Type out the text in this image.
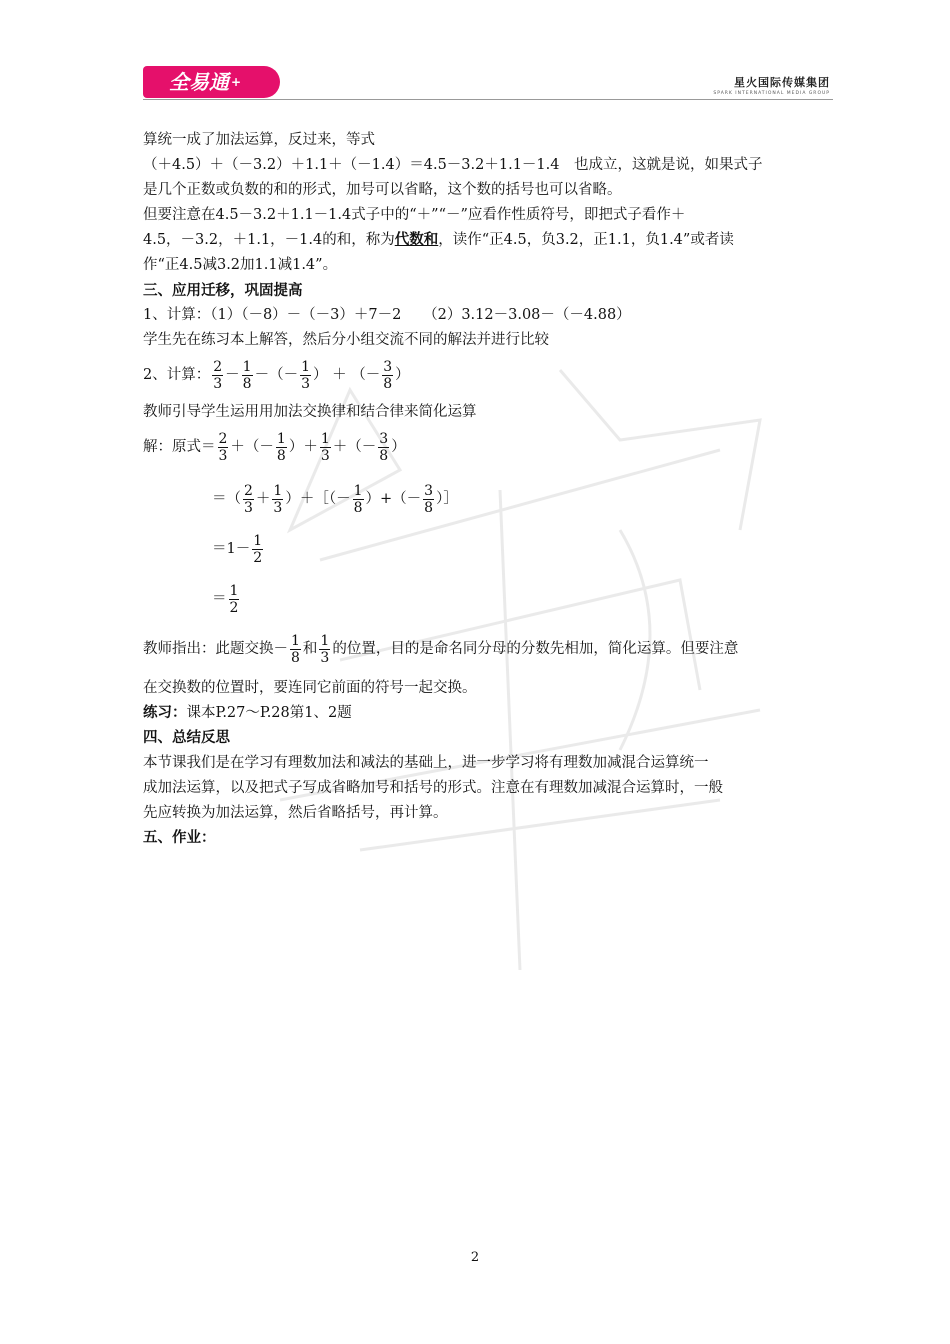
全易通 +	星火国际传媒集团
SPARK INTERNATIONAL MEDIA GROUP
算统一成了加法运算，反过来，等式
（＋4.5）＋（－3.2）＋1.1＋（－1.4）＝4.5－3.2＋1.1－1.4　也成立，这就是说，如果式子
是几个正数或负数的和的形式，加号可以省略，这个数的括号也可以省略。
但要注意在4.5－3.2＋1.1－1.4式子中的“＋”“－”应看作性质符号，即把式子看作＋
4.5，－3.2，＋1.1，－1.4的和，称为代数和，读作“正4.5，负3.2，正1.1，负1.4”或者读
作“正4.5减3.2加1.1减1.4”。
三、应用迁移，巩固提高
1、计算：（1）（－8）－（－3）＋7－2　　（2）3.12－3.08－（－4.88）
学生先在练习本上解答，然后分小组交流不同的解法并进行比较
2、计算： $\frac{2}{3} - \frac{1}{8}$ －（－ $\frac{1}{3}$ ） ＋ （－ $\frac{3}{8}$ ）
教师引导学生运用用加法交换律和结合律来简化运算
解：原式＝ $\frac{2}{3}$ ＋（－ $\frac{1}{8}$ ）＋ $\frac{1}{3}$ ＋（－ $\frac{3}{8}$ ）
＝（ $\frac{2}{3} + \frac{1}{3}$ ）＋［（－ $\frac{1}{8}$ ）+（－ $\frac{3}{8}$ ）］
$=1- \frac{1}{2}$
＝ $\frac{1}{2}$
教师指出：此题交换－ $\frac{1}{8}$ 和 $\frac{1}{3}$ 的位置，目的是命名同分母的分数先相加，简化运算。但要注意
在交换数的位置时，要连同它前面的符号一起交换。
练习：课本P.27～P.28第1、2题
四、总结反思
本节课我们是在学习有理数加法和减法的基础上，进一步学习将有理数加减混合运算统一
成加法运算，以及把式子写成省略加号和括号的形式。注意在有理数加减混合运算时，一般
先应转换为加法运算，然后省略括号，再计算。
五、作业：
2
